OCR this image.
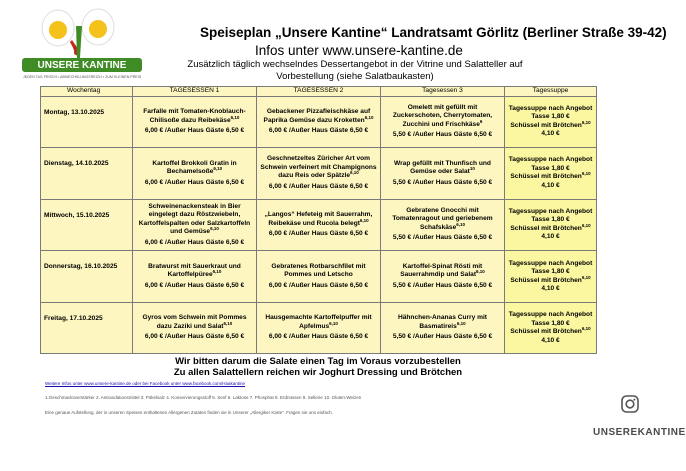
UNSERE KANTINE
JEDEN TAG FRISCH • ABWECHSLUNGSREICH • ZUM KLEINEN PREIS
Speiseplan „Unsere Kantine“ Landratsamt Görlitz (Berliner Straße 39-42)
Infos unter www.unsere-kantine.de
Zusätzlich täglich wechselndes Dessertangebot in der Vitrine und Salatteller auf
Vorbestellung (siehe Salatbaukasten)
Wochentag	TAGESESSEN 1	TAGESESSEN 2	Tagesessen 3	Tagessuppe
Montag, 13.10.2025	Farfalle mit Tomaten-Knoblauch-Chilisoße dazu Reibekäse$^{6,10}$
6,00 € /Außer Haus Gäste 6,50 €	Gebackener Pizzafleischkäse auf Paprika Gemüse dazu Kroketten$^{6,10}$
6,00 € /Außer Haus Gäste 6,50 €	Omelett mit gefüllt mit Zuckerschoten, Cherrytomaten, Zucchini und Frischkäse$^6$
5,50 € /Außer Haus Gäste 6,50 €	Tagessuppe nach Angebot
Tasse 1,80 €
Schüssel mit Brötchen$^{6,10}$
4,10 €

Dienstag, 14.10.2025	Kartoffel Brokkoli Gratin in Bechamelsoße$^{6,10}$
6,00 € /Außer Haus Gäste 6,50 €	Geschnetzeltes Züricher Art vom Schwein verfeinert mit Champignons dazu Reis oder Spätzle$^{6,10}$
6,00 € /Außer Haus Gäste 6,50 €	Wrap gefüllt mit Thunfisch und Gemüse oder Salat$^{10}$
5,50 € /Außer Haus Gäste 6,50 €	Tagessuppe nach Angebot
Tasse 1,80 €
Schüssel mit Brötchen$^{6,10}$
4,10 €

Mittwoch, 15.10.2025	Schweinenackensteak in Bier eingelegt dazu Röstzwiebeln, Kartoffelspalten oder Salzkartoffeln und Gemüse$^{6,10}$
6,00 € /Außer Haus Gäste 6,50 €	„Langos“ Hefeteig mit Sauerrahm, Reibekäse und Rucola belegt$^{6,10}$
6,00 € /Außer Haus Gäste 6,50 €	Gebratene Gnocchi mit Tomatenragout und geriebenem Schafskäse$^{6,10}$
5,50 € /Außer Haus Gäste 6,50 €	Tagessuppe nach Angebot
Tasse 1,80 €
Schüssel mit Brötchen$^{6,10}$
4,10 €

Donnerstag, 16.10.2025	Bratwurst mit Sauerkraut und Kartoffelpüree$^{6,10}$
6,00 € /Außer Haus Gäste 6,50 €	Gebratenes Rotbarschfilet mit Pommes und Letscho
6,00 € /Außer Haus Gäste 6,50 €	Kartoffel-Spinat Rösti mit Sauerrahmdip und Salat$^{6,10}$
5,50 € /Außer Haus Gäste 6,50 €	Tagessuppe nach Angebot
Tasse 1,80 €
Schüssel mit Brötchen$^{6,10}$
4,10 €

Freitag, 17.10.2025	Gyros vom Schwein mit Pommes dazu Zaziki und Salat$^{6,10}$
6,00 € /Außer Haus Gäste 6,50 €	Hausgemachte Kartoffelpuffer mit Apfelmus$^{6,10}$
6,00 € /Außer Haus Gäste 6,50 €	Hähnchen-Ananas Curry mit Basmatireis$^{6,10}$
5,50 € /Außer Haus Gäste 6,50 €	Tagessuppe nach Angebot
Tasse 1,80 €
Schüssel mit Brötchen$^{6,10}$
4,10 €
Wir bitten darum die Salate einen Tag im Voraus vorzubestellen
Zu allen Salattellern reichen wir Joghurt Dressing und Brötchen
Weitere Infos unter www.unsere-kantine.de oder bei Facebook unter www.facebook.com/Haakantine
1.Geschmacksverstärker 2. Antioxidationsmittel 3. Pökelsalz 4. Konservierungsstoff 5. Senf 6. Laktose 7. Phosphat 8. Erdnüssen 9. Sellerie 10. Gluten-Weizen
Eine genaue Aufstellung, der in unseren Speisen enthaltenen Allergenen Zutaten finden sie in Unserer „Allergiker Karte“. Fragen sie uns einfach.
UNSEREKANTINE
